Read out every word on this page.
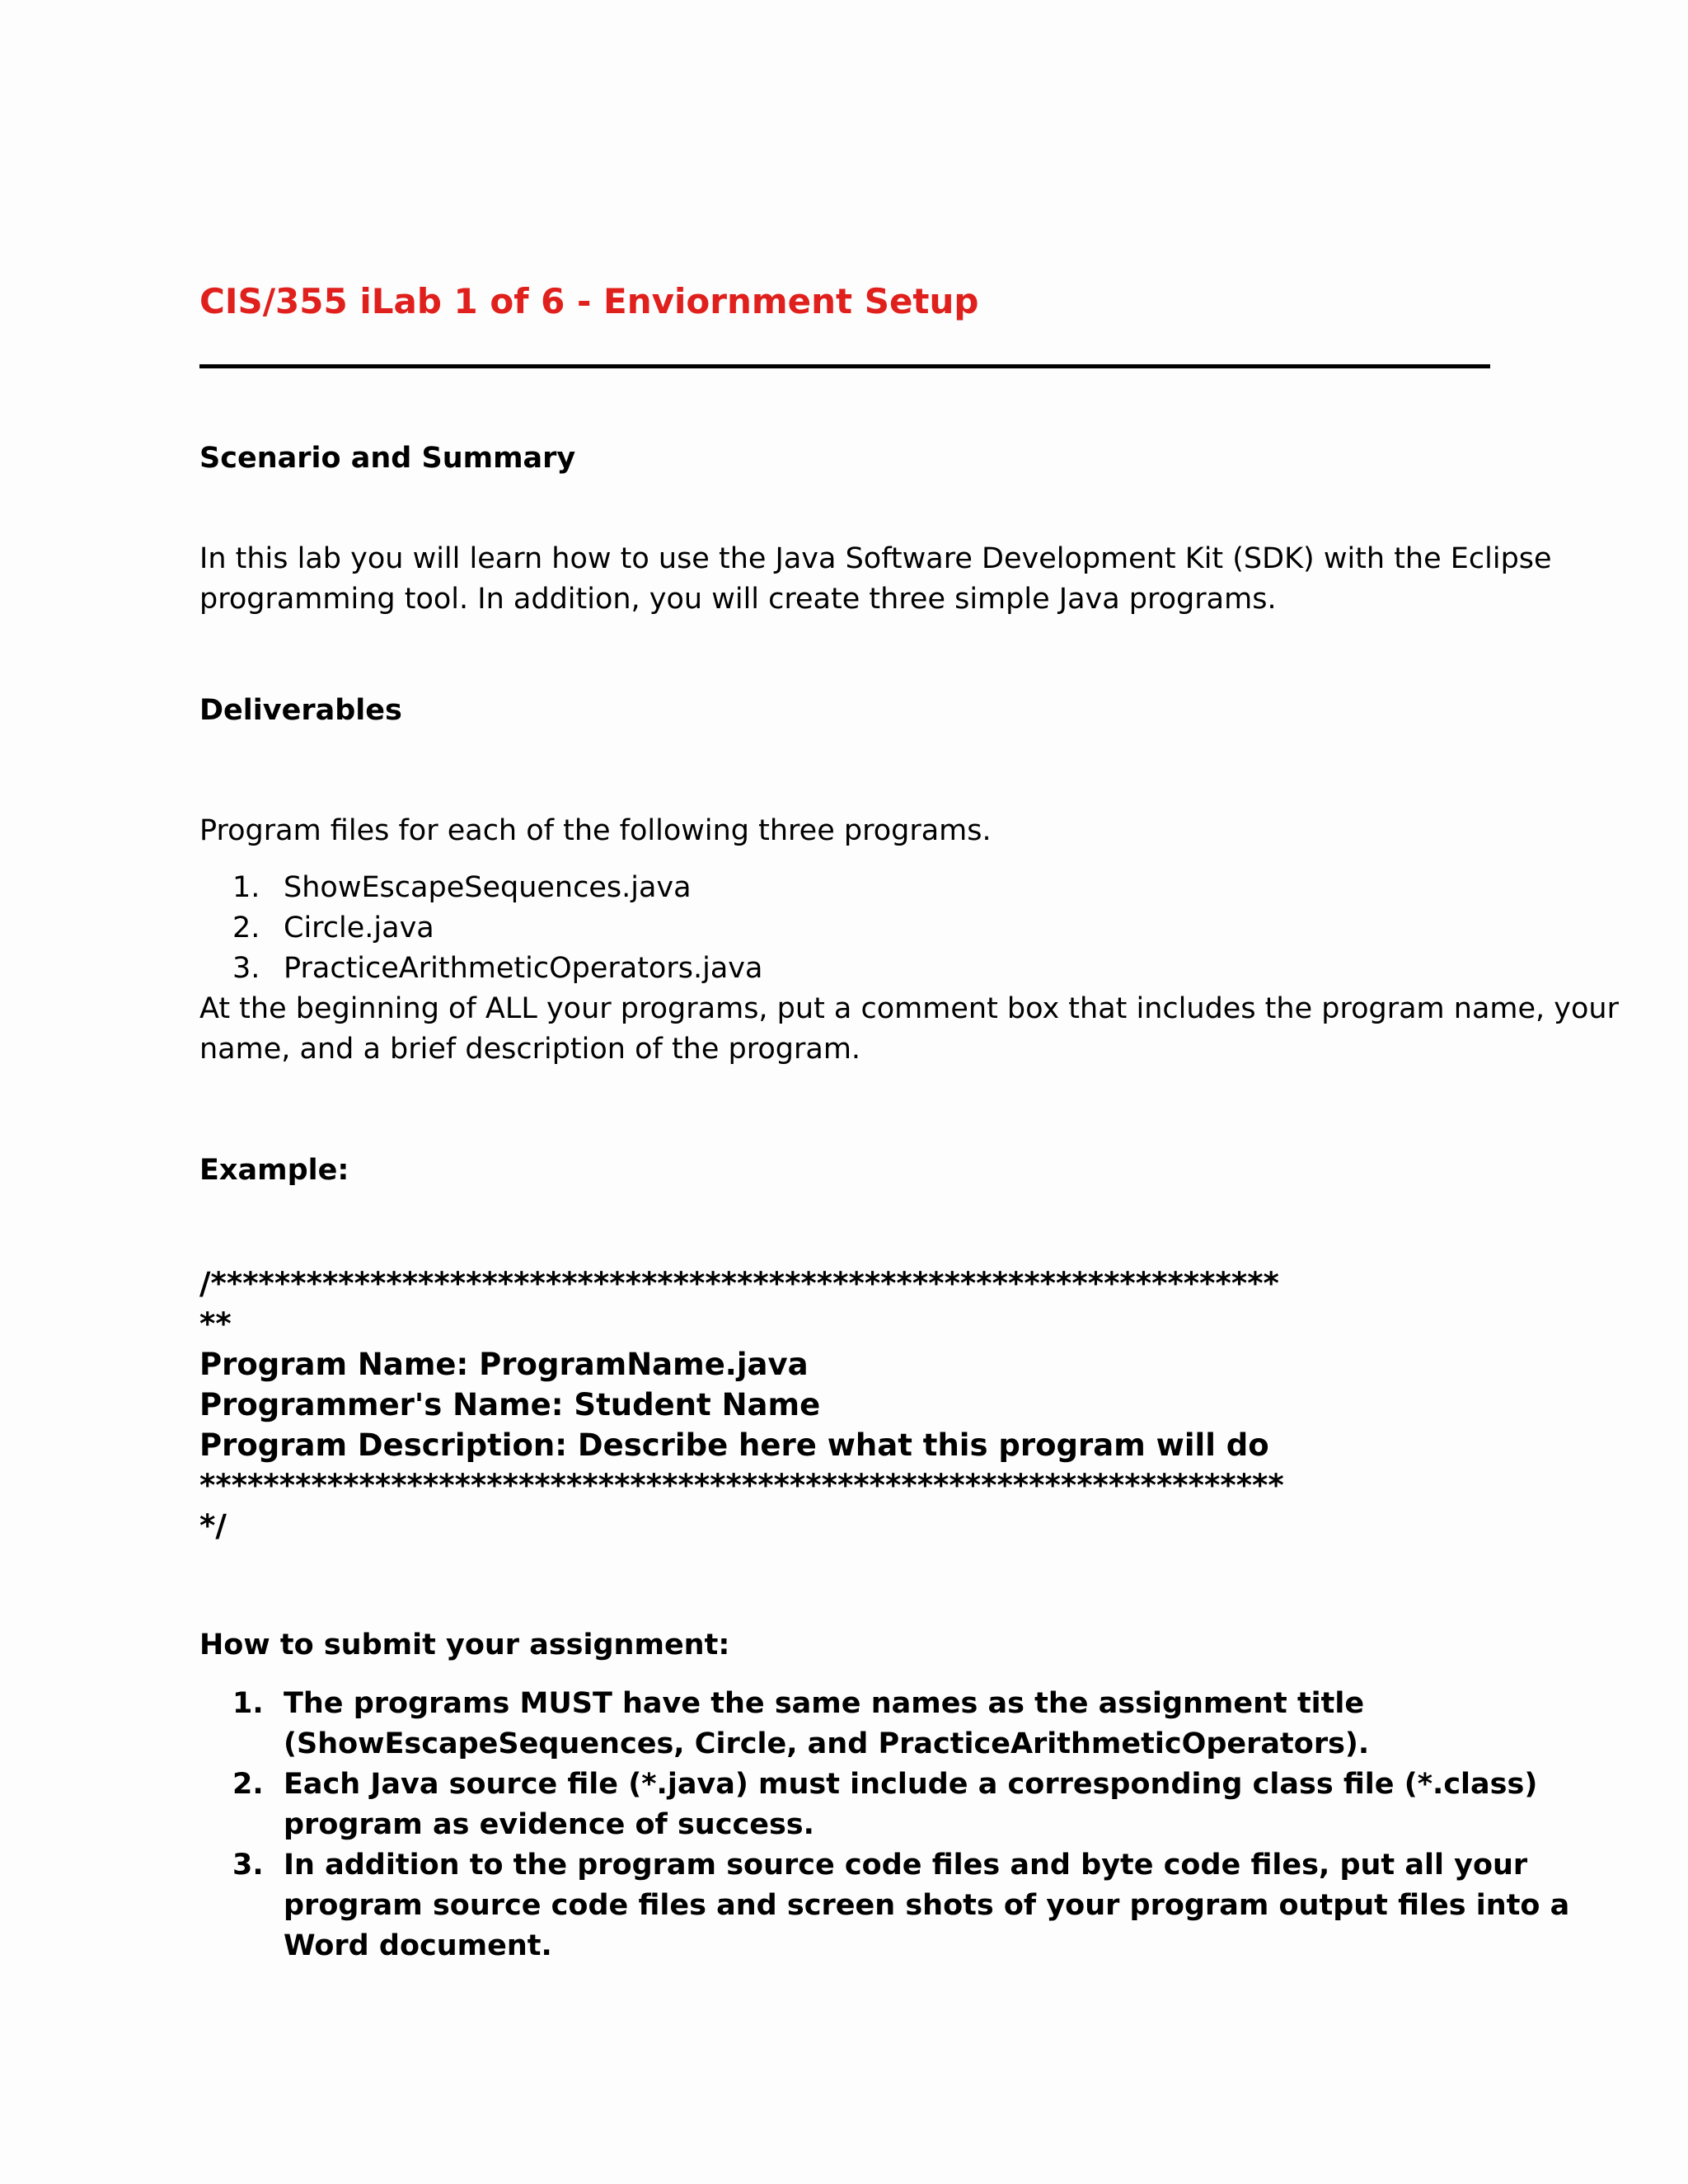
CIS/355 iLab 1 of 6 - Enviornment Setup
Scenario and Summary

In this lab you will learn how to use the Java Software Development Kit (SDK) with the Eclipse

programming tool. In addition, you will create three simple Java programs.

Deliverables

Program files for each of the following three programs.

1. ShowEscapeSequences.java
2. Circle.java
3. PracticeArithmeticOperators.java

At the beginning of ALL your programs, put a comment box that includes the program name, your

name, and a brief description of the program.

Example:

/*******************************************************************

**

Program Name: ProgramName.java

Programmer's Name: Student Name

Program Description: Describe here what this program will do

********************************************************************

*/

How to submit your assignment:
1. The programs MUST have the same names as the assignment title
(ShowEscapeSequences, Circle, and PracticeArithmeticOperators).
2. Each Java source file (*.java) must include a corresponding class file (*.class)
program as evidence of success.
3. In addition to the program source code files and byte code files, put all your
program source code files and screen shots of your program output files into a
Word document.
